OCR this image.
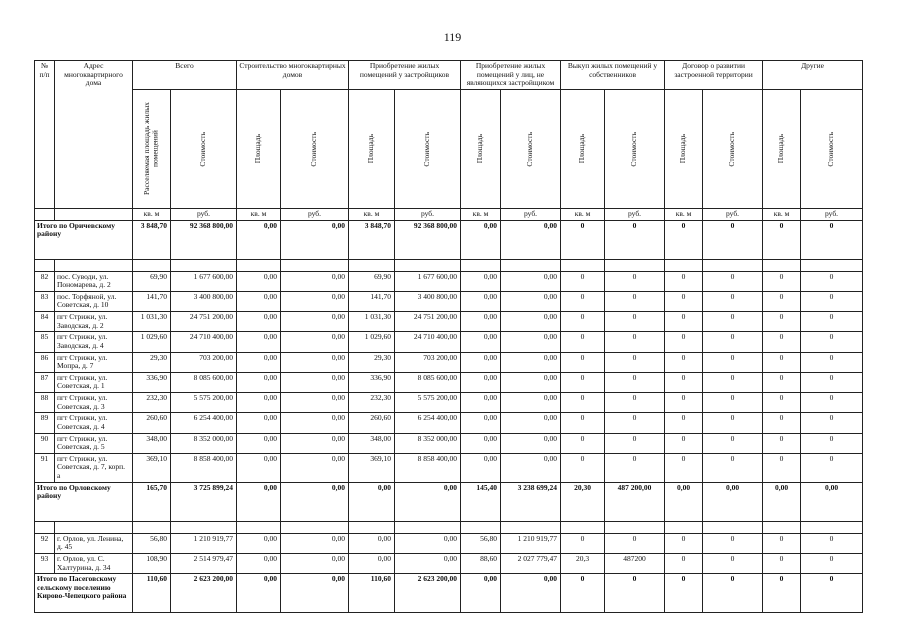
119
№ п/п	Адрес многоквартирного дома	Всего		Строительство многоквартирных домов		Приобретение жилых помещений у застройщиков		Приобретение жилых помещений у лиц, не являющихся застройщиком		Выкуп жилых помещений у собственников		Договор о развитии застроенной территории		Другие	

		Расселяемая площадь жилых помещений	Стоимость	Площадь	Стоимость	Площадь	Стоимость	Площадь	Стоимость	Площадь	Стоимость	Площадь	Стоимость	Площадь	Стоимость

		кв. м	руб.	кв. м	руб.	кв. м	руб.	кв. м	руб.	кв. м	руб.	кв. м	руб.	кв. м	руб.
Итого по Оричевскому району		3 848,70	92 368 800,00	0,00	0,00	3 848,70	92 368 800,00	0,00	0,00	0	0	0	0	0	0

82	пос. Суводи, ул. Пономарева, д. 2	69,90	1 677 600,00	0,00	0,00	69,90	1 677 600,00	0,00	0,00	0	0	0	0	0	0
83	пос. Торфяной, ул. Советская, д. 10	141,70	3 400 800,00	0,00	0,00	141,70	3 400 800,00	0,00	0,00	0	0	0	0	0	0
84	пгт Стрижи, ул. Заводская, д. 2	1 031,30	24 751 200,00	0,00	0,00	1 031,30	24 751 200,00	0,00	0,00	0	0	0	0	0	0
85	пгт Стрижи, ул. Заводская, д. 4	1 029,60	24 710 400,00	0,00	0,00	1 029,60	24 710 400,00	0,00	0,00	0	0	0	0	0	0
86	пгт Стрижи, ул. Мопра, д. 7	29,30	703 200,00	0,00	0,00	29,30	703 200,00	0,00	0,00	0	0	0	0	0	0
87	пгт Стрижи, ул. Советская, д. 1	336,90	8 085 600,00	0,00	0,00	336,90	8 085 600,00	0,00	0,00	0	0	0	0	0	0
88	пгт Стрижи, ул. Советская, д. 3	232,30	5 575 200,00	0,00	0,00	232,30	5 575 200,00	0,00	0,00	0	0	0	0	0	0
89	пгт Стрижи, ул. Советская, д. 4	260,60	6 254 400,00	0,00	0,00	260,60	6 254 400,00	0,00	0,00	0	0	0	0	0	0
90	пгт Стрижи, ул. Советская, д. 5	348,00	8 352 000,00	0,00	0,00	348,00	8 352 000,00	0,00	0,00	0	0	0	0	0	0
91	пгт Стрижи, ул. Советская, д. 7, корп. а	369,10	8 858 400,00	0,00	0,00	369,10	8 858 400,00	0,00	0,00	0	0	0	0	0	0
Итого по Орловскому району		165,70	3 725 899,24	0,00	0,00	0,00	0,00	145,40	3 238 699,24	20,30	487 200,00	0,00	0,00	0,00	0,00

92	г. Орлов, ул. Ленина, д. 45	56,80	1 210 919,77	0,00	0,00	0,00	0,00	56,80	1 210 919,77	0	0	0	0	0	0
93	г. Орлов, ул. С. Халтурина, д. 34	108,90	2 514 979,47	0,00	0,00	0,00	0,00	88,60	2 027 779,47	20,3	487200	0	0	0	0
Итого по Пасеговскому сельскому поселению Кирово-Чепецкого района		110,60	2 623 200,00	0,00	0,00	110,60	2 623 200,00	0,00	0,00	0	0	0	0	0	0
